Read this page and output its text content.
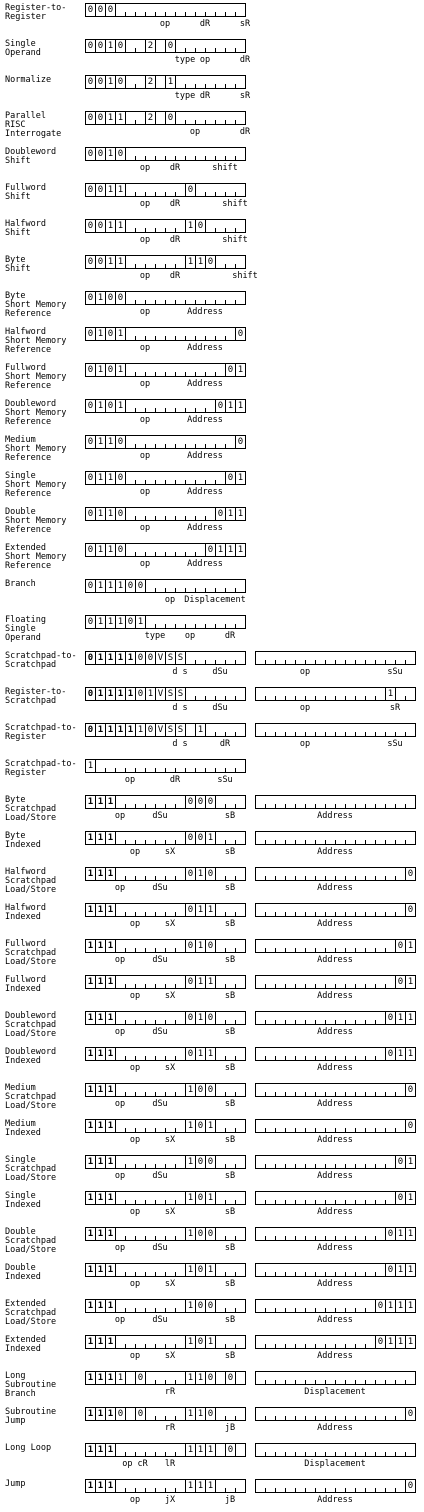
Register-to-
Register
0 0 0
op	dR	sR
Single
Operand
0 0 1 0	2 0
type op	dR
Normalize	0 0 1 0	2 1
type dR	sR
Parallel
RISC
Interrogate
0 0 1 1	2 0
op	dR
Doubleword
Shift
0 0 1 0
op dR	shift
Fullword
Shift
0 0 1 1	0
op dR	shift
Halfword
Shift
0 0 1 1	1 0
op dR	shift
Byte
Shift
0 0 1 1	1 1 0
op dR	shift
Byte
Short Memory
Reference
0 1 0 0
op	Address
Halfword
Short Memory
Reference
0 1 0 1	0
op	Address
Fullword
Short Memory
Reference
0 1 0 1	0 1
op	Address
Doubleword
Short Memory
Reference
0 1 0 1	0 1 1
op	Address
Medium
Short Memory
Reference
0 1 1 0	0
op	Address
Single
Short Memory
Reference
0 1 1 0	0 1
op	Address
Double
Short Memory
Reference
0 1 1 0	0 1 1
op	Address
Extended
Short Memory
Reference
0 1 1 0	0 1 1 1
op	Address
Branch	0 1 1 1 0 0
op Displacement
Floating
Single
Operand
0 1 1 1 0 1
type op	dR
Scratchpad-to-
Scratchpad
0 1 1 1 1 0 0 V S S
d s	dSu	op	sSu
Register-to-
Scratchpad
0 1 1 1 1 0 1 V S S	1
d s	dSu	op	sR
Scratchpad-to-
Register
0 1 1 1 1 1 0 V S S 1
d s	dR	op	sSu
Scratchpad-to-
Register
1
op	dR	sSu
Byte
Scratchpad
Load/Store
1 1 1	0 0 0
op	dSu	sB	Address
Byte
Indexed
1 1 1	0 0 1
op	sX	sB	Address
Halfword
Scratchpad
Load/Store
1 1 1	0 1 0	0
op	dSu	sB	Address
Halfword
Indexed
1 1 1	0 1 1	0
op	sX	sB	Address
Fullword
Scratchpad
Load/Store
1 1 1	0 1 0	0 1
op	dSu	sB	Address
Fullword
Indexed
1 1 1	0 1 1	0 1
op	sX	sB	Address
Doubleword
Scratchpad
Load/Store
1 1 1	0 1 0	0 1 1
op	dSu	sB	Address
Doubleword
Indexed
1 1 1	0 1 1	0 1 1
op	sX	sB	Address
Medium
Scratchpad
Load/Store
1 1 1	1 0 0	0
op	dSu	sB	Address
Medium
Indexed
1 1 1	1 0 1	0
op	sX	sB	Address
Single
Scratchpad
Load/Store
1 1 1	1 0 0	0 1
op	dSu	sB	Address
Single
Indexed
1 1 1	1 0 1	0 1
op	sX	sB	Address
Double
Scratchpad
Load/Store
1 1 1	1 0 0	0 1 1
op	dSu	sB	Address
Double
Indexed
1 1 1	1 0 1	0 1 1
op	sX	sB	Address
Extended
Scratchpad
Load/Store
1 1 1	1 0 0	0 1 1 1
op	dSu	sB	Address
Extended
Indexed
1 1 1	1 0 1	0 1 1 1
op	sX	sB	Address
Long
Subroutine
Branch
1 1 1 1 0	1 1 0 0
rR	Displacement
Subroutine
Jump
1 1 1 0 0	1 1 0	0
rR	jB	Address
Long Loop	1 1 1	1 1 1 0
op cR lR	Displacement
Jump	1 1 1	1 1 1	0
op	jX	jB	Address
